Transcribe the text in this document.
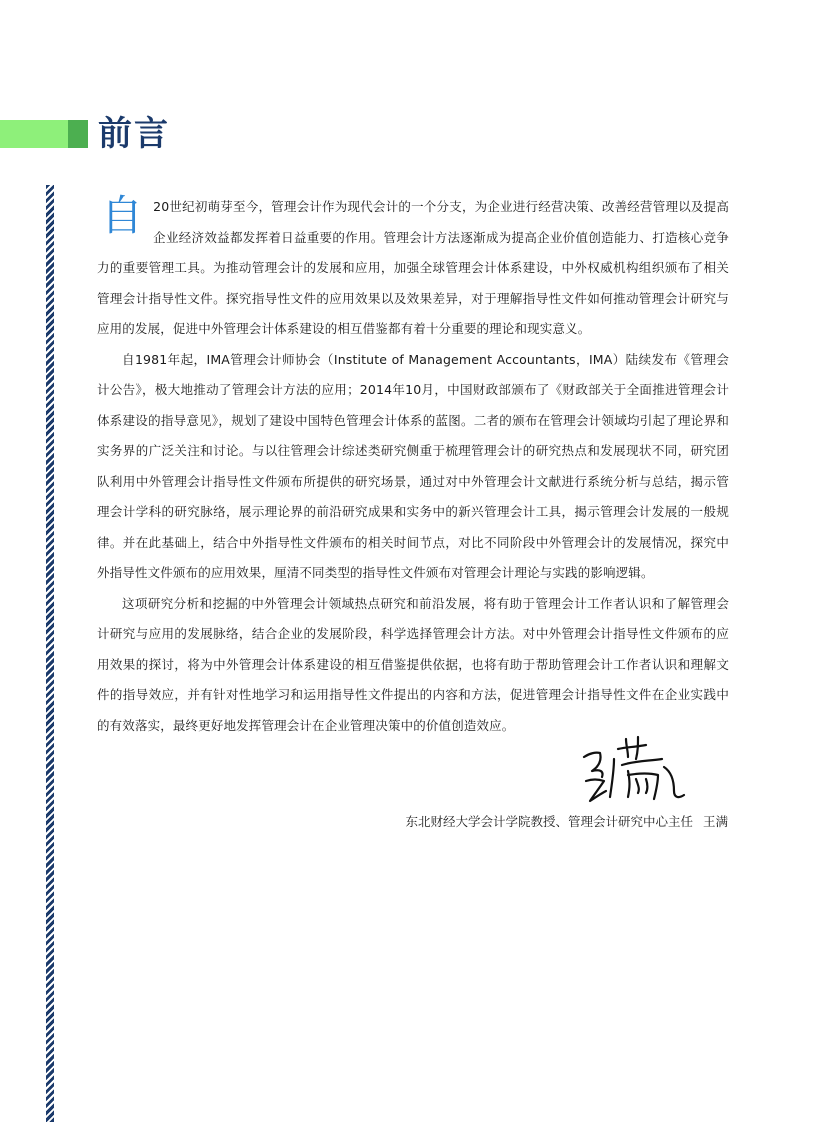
前言

自 20世纪初萌芽至今，管理会计作为现代会计的一个分支，为企业进行经营决策、改善经营管理以及提高企业经济效益都发挥着日益重要的作用。管理会计方法逐渐成为提高企业价值创造能力、打造核心竞争力的重要管理工具。为推动管理会计的发展和应用，加强全球管理会计体系建设，中外权威机构组织颁布了相关管理会计指导性文件。探究指导性文件的应用效果以及效果差异，对于理解指导性文件如何推动管理会计研究与应用的发展，促进中外管理会计体系建设的相互借鉴都有着十分重要的理论和现实意义。

自1981年起，IMA管理会计师协会（Institute of Management Accountants，IMA）陆续发布《管理会计公告》，极大地推动了管理会计方法的应用；2014年10月，中国财政部颁布了《财政部关于全面推进管理会计体系建设的指导意见》，规划了建设中国特色管理会计体系的蓝图。二者的颁布在管理会计领域均引起了理论界和实务界的广泛关注和讨论。与以往管理会计综述类研究侧重于梳理管理会计的研究热点和发展现状不同，研究团队利用中外管理会计指导性文件颁布所提供的研究场景，通过对中外管理会计文献进行系统分析与总结，揭示管理会计学科的研究脉络，展示理论界的前沿研究成果和实务中的新兴管理会计工具，揭示管理会计发展的一般规律。并在此基础上，结合中外指导性文件颁布的相关时间节点，对比不同阶段中外管理会计的发展情况，探究中外指导性文件颁布的应用效果，厘清不同类型的指导性文件颁布对管理会计理论与实践的影响逻辑。

这项研究分析和挖掘的中外管理会计领域热点研究和前沿发展，将有助于管理会计工作者认识和了解管理会计研究与应用的发展脉络，结合企业的发展阶段，科学选择管理会计方法。对中外管理会计指导性文件颁布的应用效果的探讨，将为中外管理会计体系建设的相互借鉴提供依据，也将有助于帮助管理会计工作者认识和理解文件的指导效应，并有针对性地学习和运用指导性文件提出的内容和方法，促进管理会计指导性文件在企业实践中的有效落实，最终更好地发挥管理会计在企业管理决策中的价值创造效应。

东北财经大学会计学院教授、管理会计研究中心主任 王满
